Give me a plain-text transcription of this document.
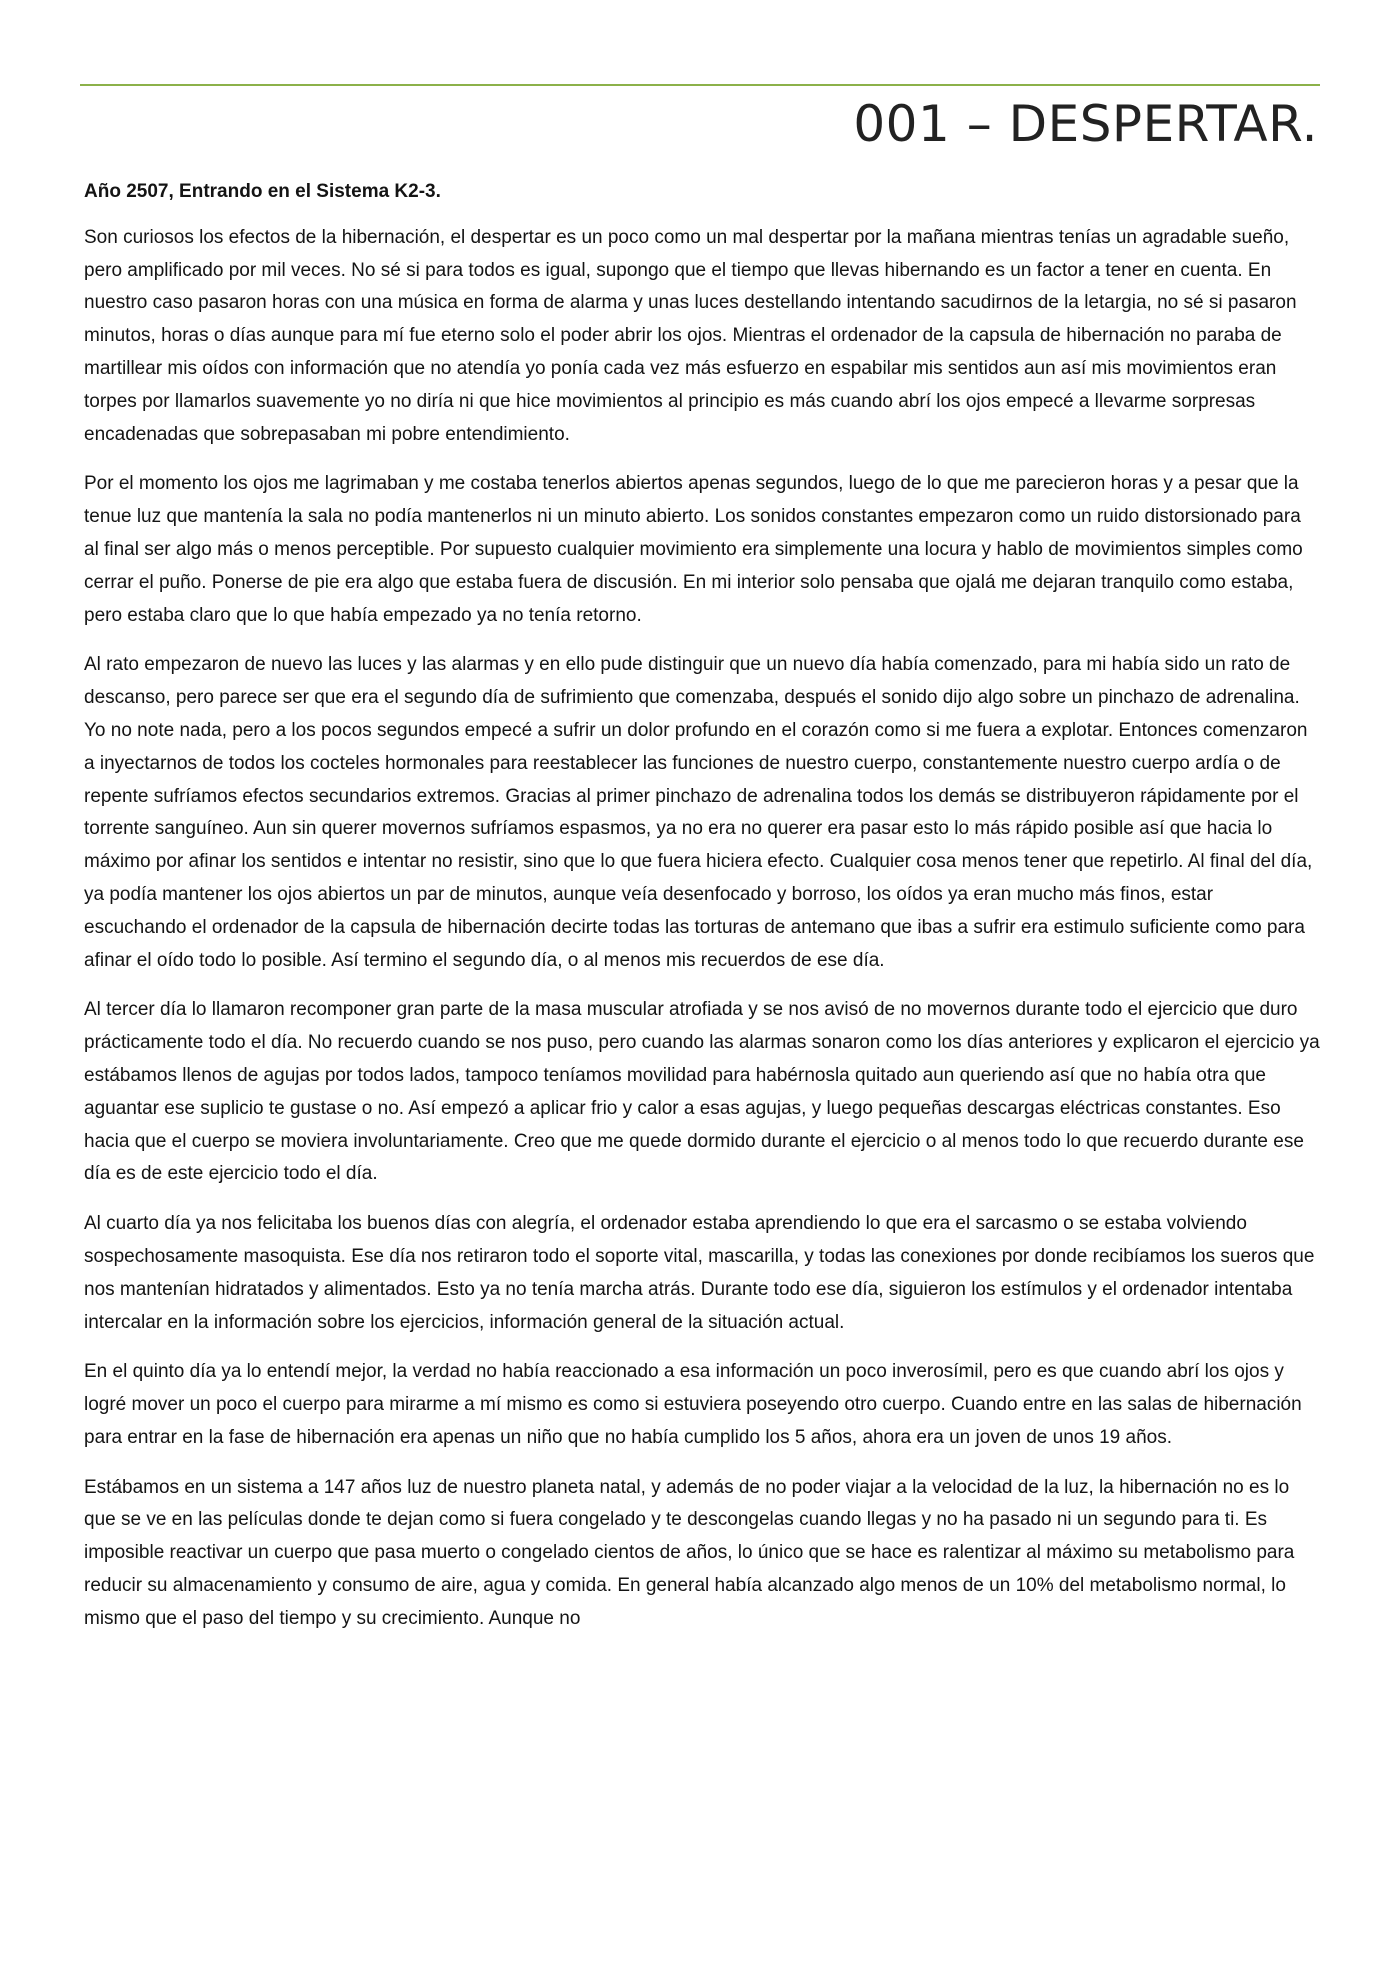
001 – DESPERTAR.

Año 2507, Entrando en el Sistema K2-3.

Son curiosos los efectos de la hibernación, el despertar es un poco como un mal despertar por la mañana mientras tenías un agradable sueño, pero amplificado por mil veces. No sé si para todos es igual, supongo que el tiempo que llevas hibernando es un factor a tener en cuenta. En nuestro caso pasaron horas con una música en forma de alarma y unas luces destellando intentando sacudirnos de la letargia, no sé si pasaron minutos, horas o días aunque para mí fue eterno solo el poder abrir los ojos. Mientras el ordenador de la capsula de hibernación no paraba de martillear mis oídos con información que no atendía yo ponía cada vez más esfuerzo en espabilar mis sentidos aun así mis movimientos eran torpes por llamarlos suavemente yo no diría ni que hice movimientos al principio es más cuando abrí los ojos empecé a llevarme sorpresas encadenadas que sobrepasaban mi pobre entendimiento.

Por el momento los ojos me lagrimaban y me costaba tenerlos abiertos apenas segundos, luego de lo que me parecieron horas y a pesar que la tenue luz que mantenía la sala no podía mantenerlos ni un minuto abierto. Los sonidos constantes empezaron como un ruido distorsionado para al final ser algo más o menos perceptible. Por supuesto cualquier movimiento era simplemente una locura y hablo de movimientos simples como cerrar el puño. Ponerse de pie era algo que estaba fuera de discusión. En mi interior solo pensaba que ojalá me dejaran tranquilo como estaba, pero estaba claro que lo que había empezado ya no tenía retorno.

Al rato empezaron de nuevo las luces y las alarmas y en ello pude distinguir que un nuevo día había comenzado, para mi había sido un rato de descanso, pero parece ser que era el segundo día de sufrimiento que comenzaba, después el sonido dijo algo sobre un pinchazo de adrenalina. Yo no note nada, pero a los pocos segundos empecé a sufrir un dolor profundo en el corazón como si me fuera a explotar. Entonces comenzaron a inyectarnos de todos los cocteles hormonales para reestablecer las funciones de nuestro cuerpo, constantemente nuestro cuerpo ardía o de repente sufríamos efectos secundarios extremos. Gracias al primer pinchazo de adrenalina todos los demás se distribuyeron rápidamente por el torrente sanguíneo. Aun sin querer movernos sufríamos espasmos, ya no era no querer era pasar esto lo más rápido posible así que hacia lo máximo por afinar los sentidos e intentar no resistir, sino que lo que fuera hiciera efecto. Cualquier cosa menos tener que repetirlo. Al final del día, ya podía mantener los ojos abiertos un par de minutos, aunque veía desenfocado y borroso, los oídos ya eran mucho más finos, estar escuchando el ordenador de la capsula de hibernación decirte todas las torturas de antemano que ibas a sufrir era estimulo suficiente como para afinar el oído todo lo posible. Así termino el segundo día, o al menos mis recuerdos de ese día.

Al tercer día lo llamaron recomponer gran parte de la masa muscular atrofiada y se nos avisó de no movernos durante todo el ejercicio que duro prácticamente todo el día. No recuerdo cuando se nos puso, pero cuando las alarmas sonaron como los días anteriores y explicaron el ejercicio ya estábamos llenos de agujas por todos lados, tampoco teníamos movilidad para habérnosla quitado aun queriendo así que no había otra que aguantar ese suplicio te gustase o no. Así empezó a aplicar frio y calor a esas agujas, y luego pequeñas descargas eléctricas constantes. Eso hacia que el cuerpo se moviera involuntariamente. Creo que me quede dormido durante el ejercicio o al menos todo lo que recuerdo durante ese día es de este ejercicio todo el día.

Al cuarto día ya nos felicitaba los buenos días con alegría, el ordenador estaba aprendiendo lo que era el sarcasmo o se estaba volviendo sospechosamente masoquista. Ese día nos retiraron todo el soporte vital, mascarilla, y todas las conexiones por donde recibíamos los sueros que nos mantenían hidratados y alimentados. Esto ya no tenía marcha atrás. Durante todo ese día, siguieron los estímulos y el ordenador intentaba intercalar en la información sobre los ejercicios, información general de la situación actual.

En el quinto día ya lo entendí mejor, la verdad no había reaccionado a esa información un poco inverosímil, pero es que cuando abrí los ojos y logré mover un poco el cuerpo para mirarme a mí mismo es como si estuviera poseyendo otro cuerpo. Cuando entre en las salas de hibernación para entrar en la fase de hibernación era apenas un niño que no había cumplido los 5 años, ahora era un joven de unos 19 años.

Estábamos en un sistema a 147 años luz de nuestro planeta natal, y además de no poder viajar a la velocidad de la luz, la hibernación no es lo que se ve en las películas donde te dejan como si fuera congelado y te descongelas cuando llegas y no ha pasado ni un segundo para ti. Es imposible reactivar un cuerpo que pasa muerto o congelado cientos de años, lo único que se hace es ralentizar al máximo su metabolismo para reducir su almacenamiento y consumo de aire, agua y comida. En general había alcanzado algo menos de un 10% del metabolismo normal, lo mismo que el paso del tiempo y su crecimiento. Aunque no
